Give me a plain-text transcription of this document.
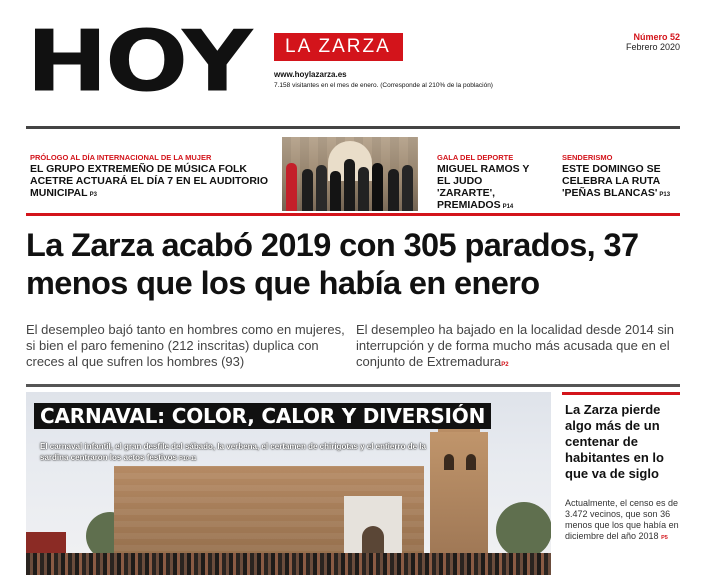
HOY	LA ZARZA
www.hoylazarza.es
7.158 visitantes en el mes de enero. (Corresponde al 210% de la población)
Número 52
Febrero 2020
PRÓLOGO AL DÍA INTERNACIONAL DE LA MUJER
EL GRUPO EXTREMEÑO DE MÚSICA FOLK ACETRE ACTUARÁ EL DÍA 7 EN EL AUDITORIO MUNICIPAL P3
GALA DEL DEPORTE
MIGUEL RAMOS Y EL JUDO 'ZARARTE', PREMIADOS P14
SENDERISMO
ESTE DOMINGO SE CELEBRA LA RUTA 'PEÑAS BLANCAS' P13
La Zarza acabó 2019 con 305 parados, 37 menos que los que había en enero

El desempleo bajó tanto en hombres como en mujeres, si bien el paro femenino (212 inscritas) duplica con creces al que sufren los hombres (93)

El desempleo ha bajado en la localidad desde 2014 sin interrupción y de forma mucho más acusada que en el conjunto de ExtremaduraP2

CARNAVAL: COLOR, CALOR Y DIVERSIÓN
El carnaval infantil, el gran desfile del sábado, la verbena, el certamen de chirigotas y el entierro de la sardina centraron los actos festivos P10-11
La Zarza pierde algo más de un centenar de habitantes en lo que va de siglo

Actualmente, el censo es de 3.472 vecinos, que son 36 menos que los que había en diciembre del año 2018 P5
